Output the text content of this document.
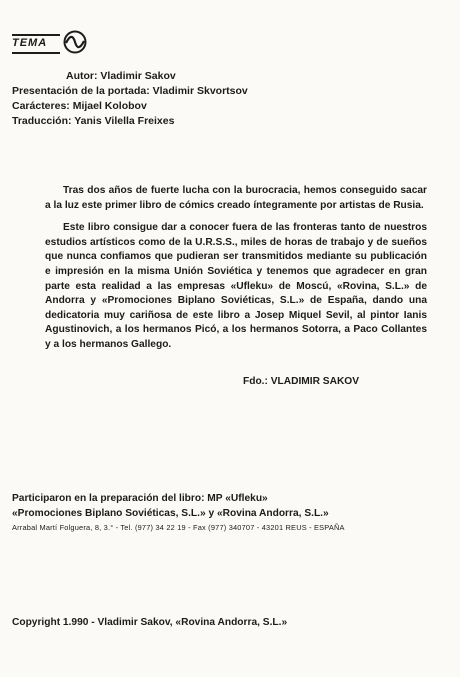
TEMA
Autor: Vladimir Sakov
Presentación de la portada: Vladimir Skvortsov
Carácteres: Mijael Kolobov
Traducción: Yanis Vilella Freixes

Tras dos años de fuerte lucha con la burocracia, hemos conseguido sacar a la luz este primer libro de cómics creado íntegramente por artistas de Rusia.

Este libro consigue dar a conocer fuera de las fronteras tanto de nuestros estudios artísticos como de la U.R.S.S., miles de horas de trabajo y de sueños que nunca confiamos que pudieran ser transmitidos mediante su publicación e impresión en la misma Unión Soviética y tenemos que agradecer en gran parte esta realidad a las empresas «Ufleku» de Moscú, «Rovina, S.L.» de Andorra y «Promociones Biplano Soviéticas, S.L.» de España, dando una dedicatoria muy cariñosa de este libro a Josep Miquel Sevil, al pintor Ianis Agustinovich, a los hermanos Picó, a los hermanos Sotorra, a Paco Collantes y a los hermanos Gallego.

Fdo.: VLADIMIR SAKOV
Participaron en la preparación del libro: MP «Ufleku»
«Promociones Biplano Soviéticas, S.L.» y «Rovina Andorra, S.L.»
Arrabal Martí Folguera, 8, 3.° - Tel. (977) 34 22 19 - Fax (977) 340707 - 43201 REUS - ESPAÑA
Copyright 1.990 - Vladimir Sakov, «Rovina Andorra, S.L.»
